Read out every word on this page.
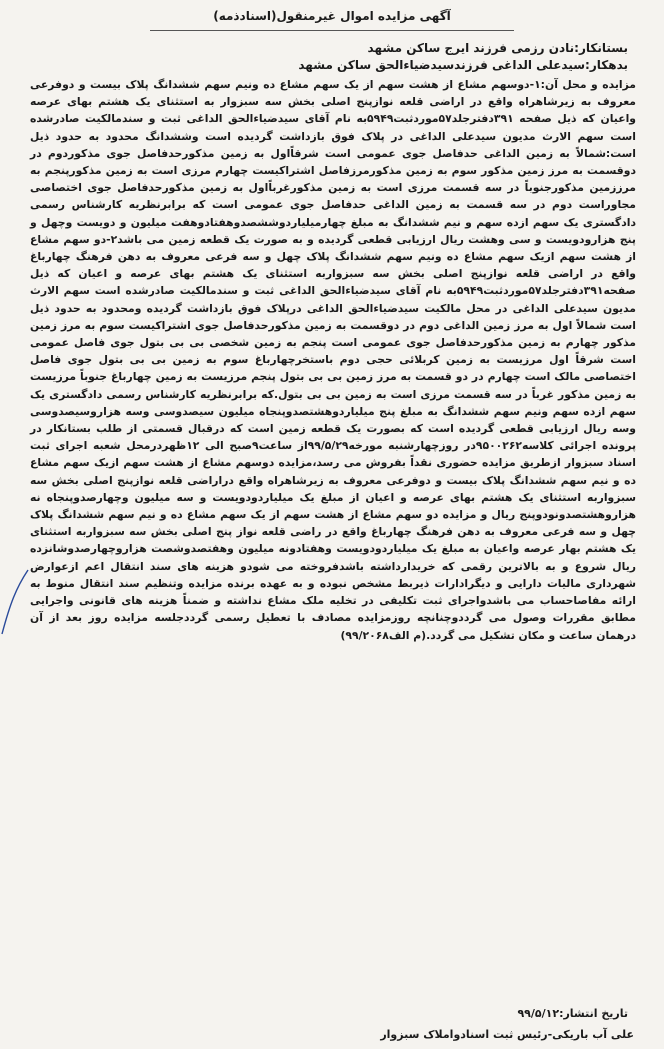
آگهی مزایده اموال غیرمنقول(اسنادذمه)
بستانکار:نادن رزمی فرزند ایرج ساکن مشهد
بدهکار:سیدعلی الداغی فرزندسیدضیاءالحق ساکن مشهد

مزایده و محل آن:۱-دوسهم مشاع از هشت سهم از یک سهم مشاع ده ونیم سهم ششدانگ پلاک بیست و دوفرعی معروف به زیرشاهراه واقع در اراضی قلعه نوازپنج اصلی بخش سه سبزوار به استثنای یک هشتم بهای عرصه واعیان که ذیل صفحه ۳۹۱دفترجلد۵۷موردثبت۵۹۴۹به نام آقای سیدضیاءالحق الداغی ثبت و سندمالکیت صادرشده است سهم الارث مدیون سیدعلی الداغی در پلاک فوق بازداشت گردیده است وششدانگ محدود به حدود ذیل است:شمالاً به زمین الداغی حدفاصل جوی عمومی است شرقاًاول به زمین مذکورحدفاصل جوی مذکوردوم در دوقسمت به مرز زمین مذکور سوم به زمین مذکورمرزفاصل اشتراکیست چهارم مرزی است به زمین مذکورپنجم به مرززمین مذکورجنوباً در سه قسمت مرزی است به زمین مذکورغرباًاول به زمین مذکورحدفاصل جوی اختصاصی مجاوراست دوم در سه قسمت به زمین الداغی حدفاصل جوی عمومی است که برابرنظریه کارشناس رسمی دادگستری یک سهم ازده سهم و نیم ششدانگ به مبلغ چهارمیلیاردوششصدوهفتادوهفت میلیون و دویست وچهل و پنج هزارودویست و سی وهشت ریال ارزیابی قطعی گردیده و به صورت یک قطعه زمین می باشد۲-دو سهم مشاع از هشت سهم ازیک سهم مشاع ده ونیم سهم ششدانگ پلاک چهل و سه فرعی معروف به دهن فرهنگ چهارباغ واقع در اراضی قلعه نوازپنج اصلی بخش سه سبزواربه استثنای یک هشتم بهای عرصه و اعیان که ذیل صفحه۳۹۱دفترجلد۵۷موردثبت۵۹۴۹به نام آقای سیدضیاءالحق الداغی ثبت و سندمالکیت صادرشده است سهم الارث مدیون سیدعلی الداغی در محل مالکیت سیدضیاءالحق الداغی درپلاک فوق بازداشت گردیده ومحدود به حدود ذیل است شمالاً اول به مرز زمین الداغی دوم در دوقسمت به زمین مذکورحدفاصل جوی اشتراکیست سوم به مرز زمین مذکور چهارم به زمین مذکورحدفاصل جوی عمومی است پنجم به زمین شخصی بی بی بتول جوی فاصل عمومی است شرقاً اول مرزیست به زمین کربلائی حجی دوم باستخرچهارباغ سوم به زمین بی بی بتول جوی فاصل اختصاصی مالک است چهارم در دو قسمت به مرز زمین بی بی بتول پنجم مرزیست به زمین چهارباغ جنوباً مرزیست به زمین مذکور غرباً در سه قسمت مرزی است به زمین بی بی بتول.که برابرنظریه کارشناس رسمی دادگستری یک سهم ازده سهم ونیم سهم ششدانگ به مبلغ پنج میلیاردوهشتصدوپنجاه میلیون سیصدوسی وسه هزاروسیصدوسی وسه ریال ارزیابی قطعی گردیده است که بصورت یک قطعه زمین است که درقبال قسمتی از طلب بستانکار در پرونده اجرائی کلاسه۹۵۰۰۲۶۲در روزچهارشنبه مورخه۹۹/۵/۲۹از ساعت۹صبح الی ۱۲ظهردرمحل شعبه اجرای ثبت اسناد سبزوار ازطریق مزایده حضوری نقداً بفروش می رسد،مزایده دوسهم مشاع از هشت سهم ازیک سهم مشاع ده و نیم سهم ششدانگ پلاک بیست و دوفرعی معروف به زیرشاهراه واقع دراراضی قلعه نوازپنج اصلی بخش سه سبزواربه استثنای یک هشتم بهای عرصه و اعیان از مبلغ یک میلیاردودویست و سه میلیون وچهارصدوپنجاه نه هزاروهشتصدونودوپنج ریال و مزایده دو سهم مشاع از هشت سهم از یک سهم مشاع ده و نیم سهم ششدانگ پلاک چهل و سه فرعی معروف به دهن فرهنگ چهارباغ واقع در راضی قلعه نواز پنج اصلی بخش سه سبزواربه استثنای یک هشتم بهار عرصه واعیان به مبلغ یک میلیاردودویست وهفتادونه میلیون وهفتصدوشصت هزاروچهارصدوشانزده ریال شروع و به بالاترین رقمی که خریدارداشته باشدفروخته می شودو هزینه های سند انتقال اعم ازعوارض شهرداری مالیات دارایی و دیگرادارات ذیربط مشخص نبوده و به عهده برنده مزایده وتنظیم سند انتقال منوط به ارائه مفاصاحساب می باشدواجرای ثبت تکلیفی در تخلیه ملک مشاع نداشته و ضمناً هزینه های قانونی واجرایی مطابق مقررات وصول می گرددوچنانچه روزمزایده مصادف با تعطیل رسمی گرددجلسه مزایده روز بعد از آن درهمان ساعت و مکان تشکیل می گردد.(م الف۹۹/۲۰۶۸)

تاریخ انتشار:۹۹/۵/۱۲
علی آب باریکی-رئیس ثبت اسنادواملاک سبزوار
